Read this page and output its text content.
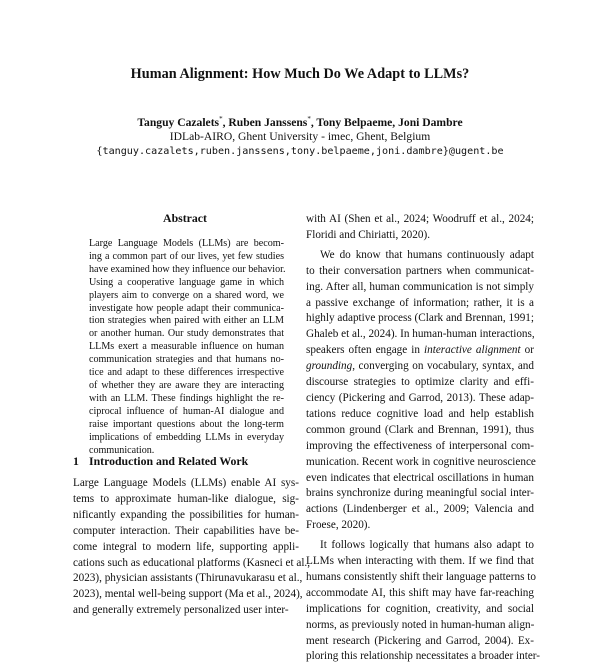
Human Alignment: How Much Do We Adapt to LLMs?
Tanguy Cazalets*, Ruben Janssens*, Tony Belpaeme, Joni Dambre
IDLab-AIRO, Ghent University - imec, Ghent, Belgium
{tanguy.cazalets,ruben.janssens,tony.belpaeme,joni.dambre}@ugent.be
Abstract
Large Language Models (LLMs) are becom-
ing a common part of our lives, yet few studies
have examined how they influence our behavior.
Using a cooperative language game in which
players aim to converge on a shared word, we
investigate how people adapt their communica-
tion strategies when paired with either an LLM
or another human. Our study demonstrates that
LLMs exert a measurable influence on human
communication strategies and that humans no-
tice and adapt to these differences irrespective
of whether they are aware they are interacting
with an LLM. These findings highlight the re-
ciprocal influence of human-AI dialogue and
raise important questions about the long-term
implications of embedding LLMs in everyday
communication.
1 Introduction and Related Work
Large Language Models (LLMs) enable AI sys-
tems to approximate human-like dialogue, sig-
nificantly expanding the possibilities for human-
computer interaction. Their capabilities have be-
come integral to modern life, supporting appli-
cations such as educational platforms (Kasneci et al.,
2023), physician assistants (Thirunavukarasu et al.,
2023), mental well-being support (Ma et al., 2024),
and generally extremely personalized user inter-
with AI (Shen et al., 2024; Woodruff et al., 2024;
Floridi and Chiriatti, 2020).
We do know that humans continuously adapt
to their conversation partners when communicat-
ing. After all, human communication is not simply
a passive exchange of information; rather, it is a
highly adaptive process (Clark and Brennan, 1991;
Ghaleb et al., 2024). In human-human interactions,
speakers often engage in interactive alignment or
grounding, converging on vocabulary, syntax, and
discourse strategies to optimize clarity and effi-
ciency (Pickering and Garrod, 2013). These adap-
tations reduce cognitive load and help establish
common ground (Clark and Brennan, 1991), thus
improving the effectiveness of interpersonal com-
munication. Recent work in cognitive neuroscience
even indicates that electrical oscillations in human
brains synchronize during meaningful social inter-
actions (Lindenberger et al., 2009; Valencia and
Froese, 2020).
It follows logically that humans also adapt to
LLMs when interacting with them. If we find that
humans consistently shift their language patterns to
accommodate AI, this shift may have far-reaching
implications for cognition, creativity, and social
norms, as previously noted in human-human align-
ment research (Pickering and Garrod, 2004). Ex-
ploring this relationship necessitates a broader inter-
